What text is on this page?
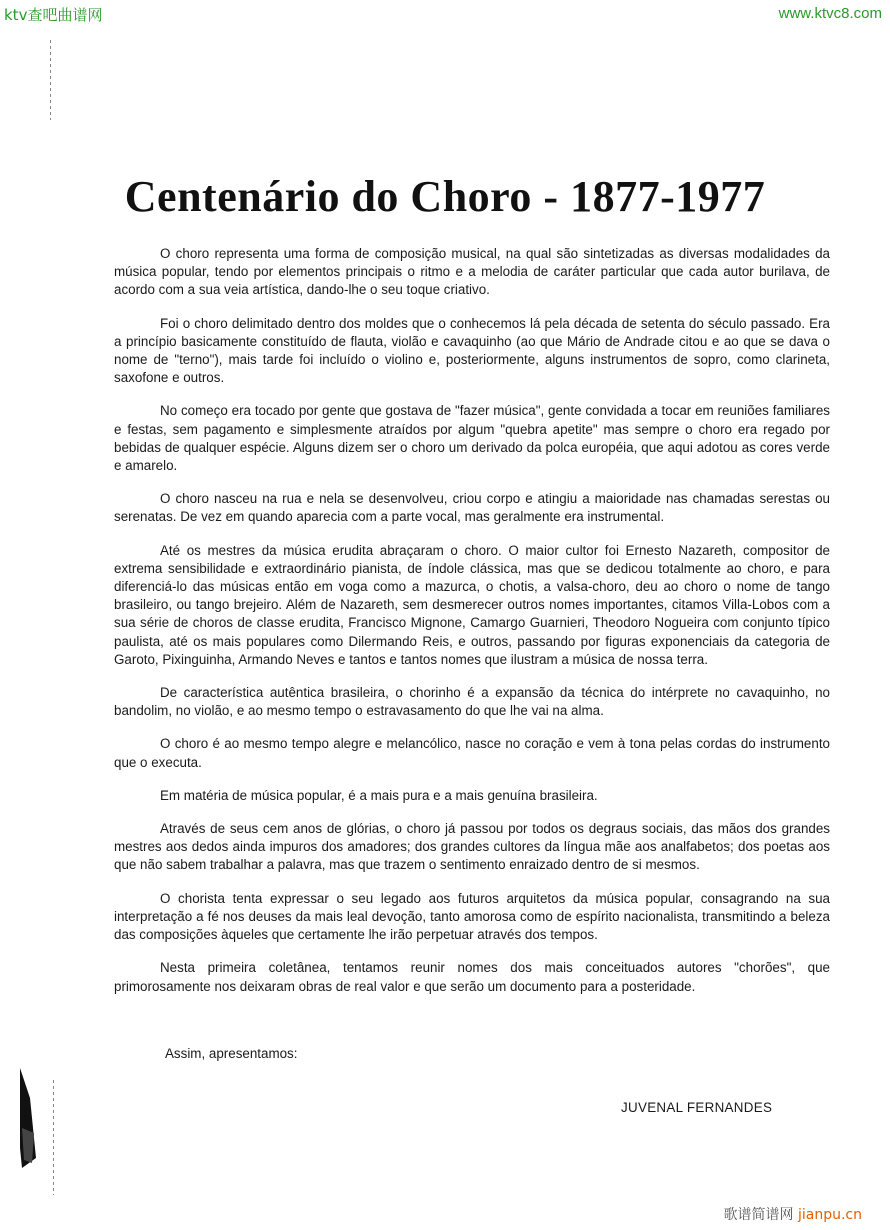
ktv查吧曲谱网	www.ktvc8.com
Centenário do Choro - 1877-1977

O choro representa uma forma de composição musical, na qual são sintetizadas as diversas modalidades da música popular, tendo por elementos principais o ritmo e a melodia de caráter particular que cada autor burilava, de acordo com a sua veia artística, dando-lhe o seu toque criativo.

Foi o choro delimitado dentro dos moldes que o conhecemos lá pela década de setenta do século passado. Era a princípio basicamente constituído de flauta, violão e cavaquinho (ao que Mário de Andrade citou e ao que se dava o nome de "terno"), mais tarde foi incluído o violino e, posteriormente, alguns instrumentos de sopro, como clarineta, saxofone e outros.

No começo era tocado por gente que gostava de "fazer música", gente convidada a tocar em reuniões familiares e festas, sem pagamento e simplesmente atraídos por algum "quebra apetite" mas sempre o choro era regado por bebidas de qualquer espécie. Alguns dizem ser o choro um derivado da polca européia, que aqui adotou as cores verde e amarelo.

O choro nasceu na rua e nela se desenvolveu, criou corpo e atingiu a maioridade nas chamadas serestas ou serenatas. De vez em quando aparecia com a parte vocal, mas geralmente era instrumental.

Até os mestres da música erudita abraçaram o choro. O maior cultor foi Ernesto Nazareth, compositor de extrema sensibilidade e extraordinário pianista, de índole clássica, mas que se dedicou totalmente ao choro, e para diferenciá-lo das músicas então em voga como a mazurca, o chotis, a valsa-choro, deu ao choro o nome de tango brasileiro, ou tango brejeiro. Além de Nazareth, sem desmerecer outros nomes importantes, citamos Villa-Lobos com a sua série de choros de classe erudita, Francisco Mignone, Camargo Guarnieri, Theodoro Nogueira com conjunto típico paulista, até os mais populares como Dilermando Reis, e outros, passando por figuras exponenciais da categoria de Garoto, Pixinguinha, Armando Neves e tantos e tantos nomes que ilustram a música de nossa terra.

De característica autêntica brasileira, o chorinho é a expansão da técnica do intérprete no cavaquinho, no bandolim, no violão, e ao mesmo tempo o estravasamento do que lhe vai na alma.

O choro é ao mesmo tempo alegre e melancólico, nasce no coração e vem à tona pelas cordas do instrumento que o executa.

Em matéria de música popular, é a mais pura e a mais genuína brasileira.

Através de seus cem anos de glórias, o choro já passou por todos os degraus sociais, das mãos dos grandes mestres aos dedos ainda impuros dos amadores; dos grandes cultores da língua mãe aos analfabetos; dos poetas aos que não sabem trabalhar a palavra, mas que trazem o sentimento enraizado dentro de si mesmos.

O chorista tenta expressar o seu legado aos futuros arquitetos da música popular, consagrando na sua interpretação a fé nos deuses da mais leal devoção, tanto amorosa como de espírito nacionalista, transmitindo a beleza das composições àqueles que certamente lhe irão perpetuar através dos tempos.

Nesta primeira coletânea, tentamos reunir nomes dos mais conceituados autores "chorões", que primorosamente nos deixaram obras de real valor e que serão um documento para a posteridade.

Assim, apresentamos:
JUVENAL FERNANDES
歌谱简谱网 jianpu.cn
